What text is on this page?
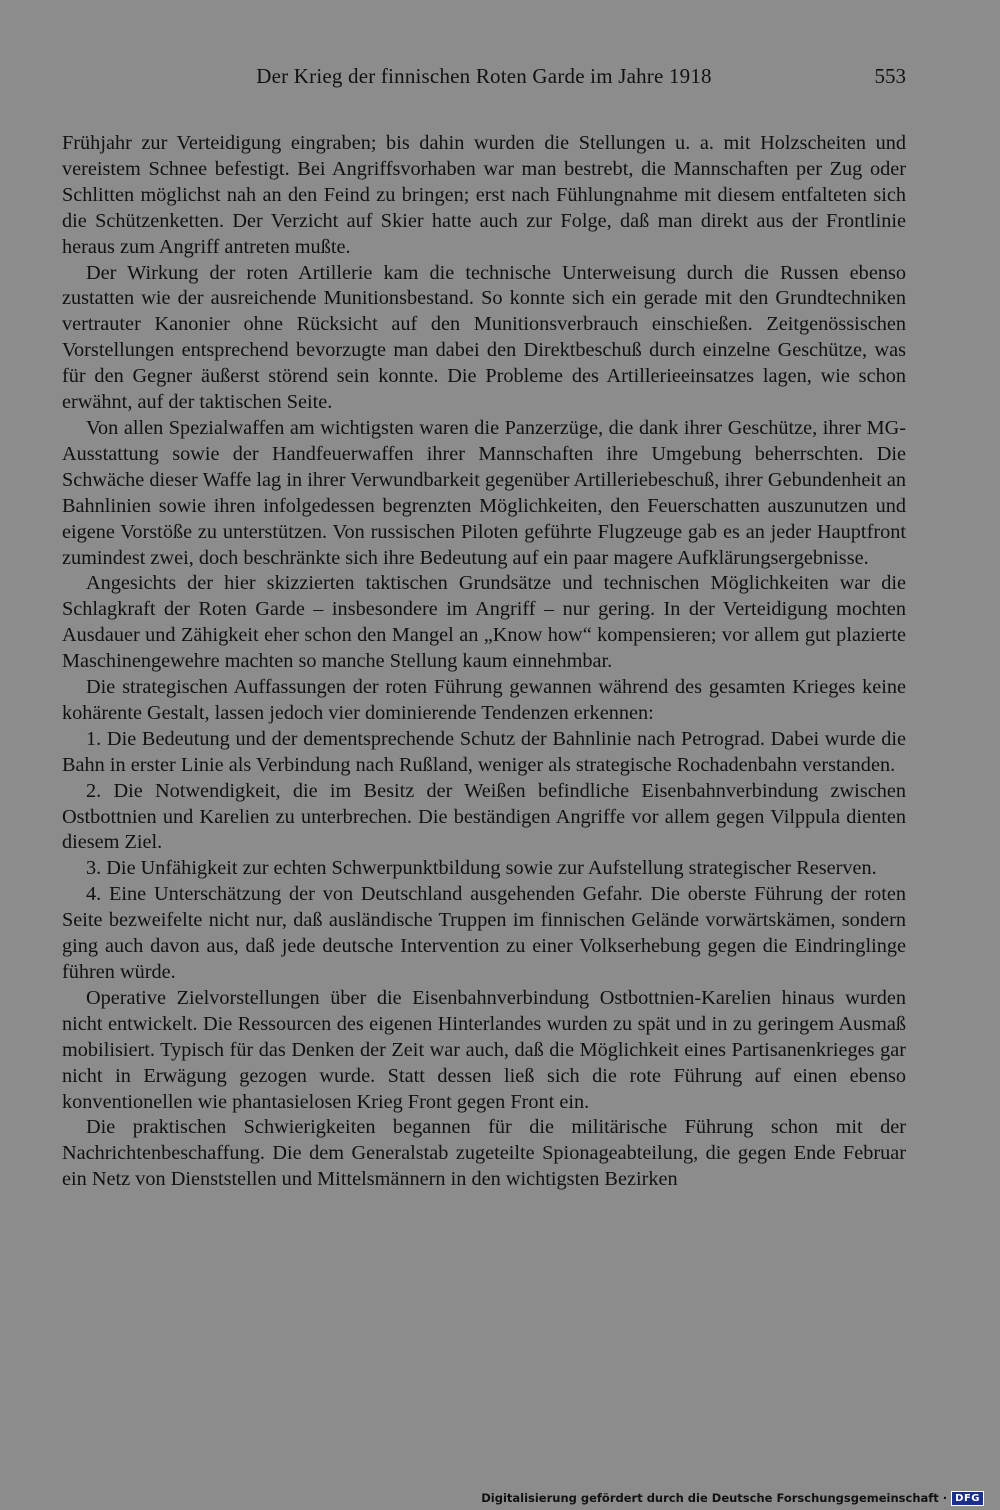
Der Krieg der finnischen Roten Garde im Jahre 1918	553

Frühjahr zur Verteidigung eingraben; bis dahin wurden die Stellungen u. a. mit Holzscheiten und vereistem Schnee befestigt. Bei Angriffsvorhaben war man bestrebt, die Mannschaften per Zug oder Schlitten möglichst nah an den Feind zu bringen; erst nach Fühlungnahme mit diesem entfalteten sich die Schützenketten. Der Verzicht auf Skier hatte auch zur Folge, daß man direkt aus der Frontlinie heraus zum Angriff antreten mußte.

Der Wirkung der roten Artillerie kam die technische Unterweisung durch die Russen ebenso zustatten wie der ausreichende Munitionsbestand. So konnte sich ein gerade mit den Grundtechniken vertrauter Kanonier ohne Rücksicht auf den Munitionsverbrauch einschießen. Zeitgenössischen Vorstellungen entsprechend bevorzugte man dabei den Direktbeschuß durch einzelne Geschütze, was für den Gegner äußerst störend sein konnte. Die Probleme des Artillerieeinsatzes lagen, wie schon erwähnt, auf der taktischen Seite.

Von allen Spezialwaffen am wichtigsten waren die Panzerzüge, die dank ihrer Geschütze, ihrer MG-Ausstattung sowie der Handfeuerwaffen ihrer Mannschaften ihre Umgebung beherrschten. Die Schwäche dieser Waffe lag in ihrer Verwundbarkeit gegenüber Artilleriebeschuß, ihrer Gebundenheit an Bahnlinien sowie ihren infolgedessen begrenzten Möglichkeiten, den Feuerschatten auszunutzen und eigene Vorstöße zu unterstützen. Von russischen Piloten geführte Flugzeuge gab es an jeder Hauptfront zumindest zwei, doch beschränkte sich ihre Bedeutung auf ein paar magere Aufklärungsergebnisse.

Angesichts der hier skizzierten taktischen Grundsätze und technischen Möglichkeiten war die Schlagkraft der Roten Garde – insbesondere im Angriff – nur gering. In der Verteidigung mochten Ausdauer und Zähigkeit eher schon den Mangel an „Know how“ kompensieren; vor allem gut plazierte Maschinengewehre machten so manche Stellung kaum einnehmbar.

Die strategischen Auffassungen der roten Führung gewannen während des gesamten Krieges keine kohärente Gestalt, lassen jedoch vier dominierende Tendenzen erkennen:

1. Die Bedeutung und der dementsprechende Schutz der Bahnlinie nach Petrograd. Dabei wurde die Bahn in erster Linie als Verbindung nach Rußland, weniger als strategische Rochadenbahn verstanden.

2. Die Notwendigkeit, die im Besitz der Weißen befindliche Eisenbahnverbindung zwischen Ostbottnien und Karelien zu unterbrechen. Die beständigen Angriffe vor allem gegen Vilppula dienten diesem Ziel.

3. Die Unfähigkeit zur echten Schwerpunktbildung sowie zur Aufstellung strategischer Reserven.

4. Eine Unterschätzung der von Deutschland ausgehenden Gefahr. Die oberste Führung der roten Seite bezweifelte nicht nur, daß ausländische Truppen im finnischen Gelände vorwärtskämen, sondern ging auch davon aus, daß jede deutsche Intervention zu einer Volkserhebung gegen die Eindringlinge führen würde.

Operative Zielvorstellungen über die Eisenbahnverbindung Ostbottnien-Karelien hinaus wurden nicht entwickelt. Die Ressourcen des eigenen Hinterlandes wurden zu spät und in zu geringem Ausmaß mobilisiert. Typisch für das Denken der Zeit war auch, daß die Möglichkeit eines Partisanenkrieges gar nicht in Erwägung gezogen wurde. Statt dessen ließ sich die rote Führung auf einen ebenso konventionellen wie phantasielosen Krieg Front gegen Front ein.

Die praktischen Schwierigkeiten begannen für die militärische Führung schon mit der Nachrichtenbeschaffung. Die dem Generalstab zugeteilte Spionageabteilung, die gegen Ende Februar ein Netz von Dienststellen und Mittelsmännern in den wichtigsten Bezirken

Digitalisierung gefördert durch die Deutsche Forschungsgemeinschaft · DFG
